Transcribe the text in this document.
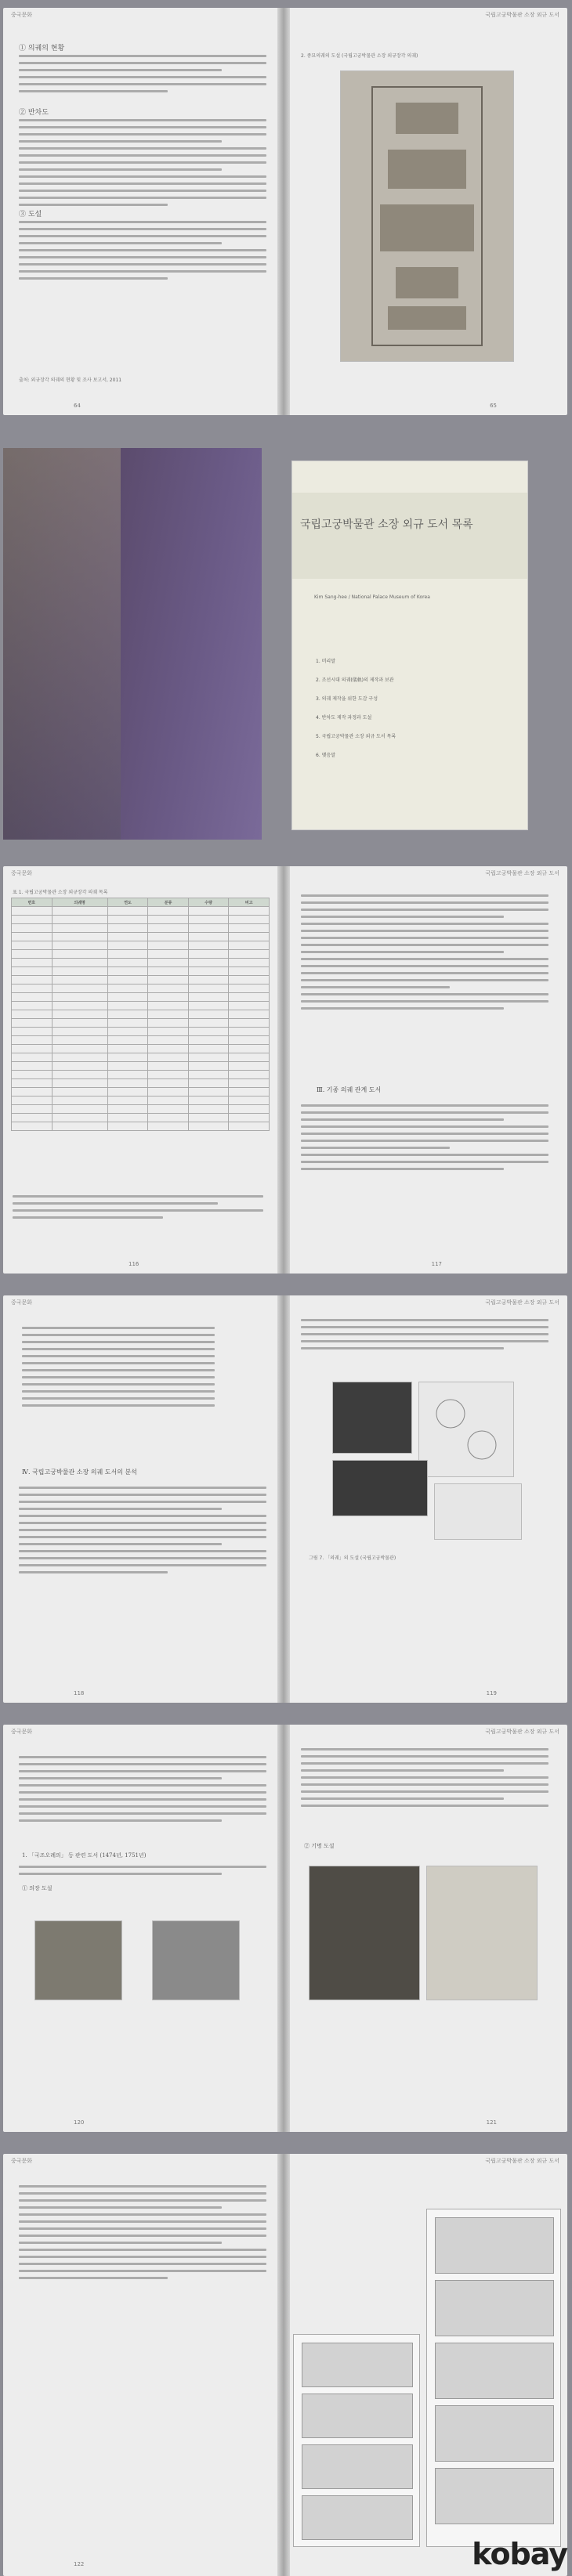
중국문화
① 의궤의 현황
② 반차도
③ 도설
출처: 외규장각 의궤의 현황 및 조사 보고서, 2011
64
국립고궁박물관 소장 외규 도서
2. 종묘의궤의 도설 (국립고궁박물관 소장 외규장각 의궤)
65
국립고궁박물관 소장 외규 도서 목록
Kim Sang-hee / National Palace Museum of Korea
1. 머리말
2. 조선시대 의궤(儀軌)의 제작과 보관
3. 의궤 제작을 위한 도감 구성
4. 반차도 제작 과정과 도설
5. 국립고궁박물관 소장 외규 도서 목록
6. 맺음말
중국문화
표 1. 국립고궁박물관 소장 외규장각 의궤 목록
번호	의궤명	연도	분류	수량	비고

116
국립고궁박물관 소장 외규 도서
Ⅲ. 기종 의궤 관계 도서
117
중국문화
Ⅳ. 국립고궁박물관 소장 의궤 도서의 분석
118
국립고궁박물관 소장 외규 도서
그림 7. 「의궤」의 도설 (국립고궁박물관)
119
중국문화
1. 「국조오례의」 등 관련 도서 (1474년, 1751년)
① 의장 도설
120
국립고궁박물관 소장 외규 도서
② 기명 도설
121
중국문화
122
국립고궁박물관 소장 외규 도서
kobay
